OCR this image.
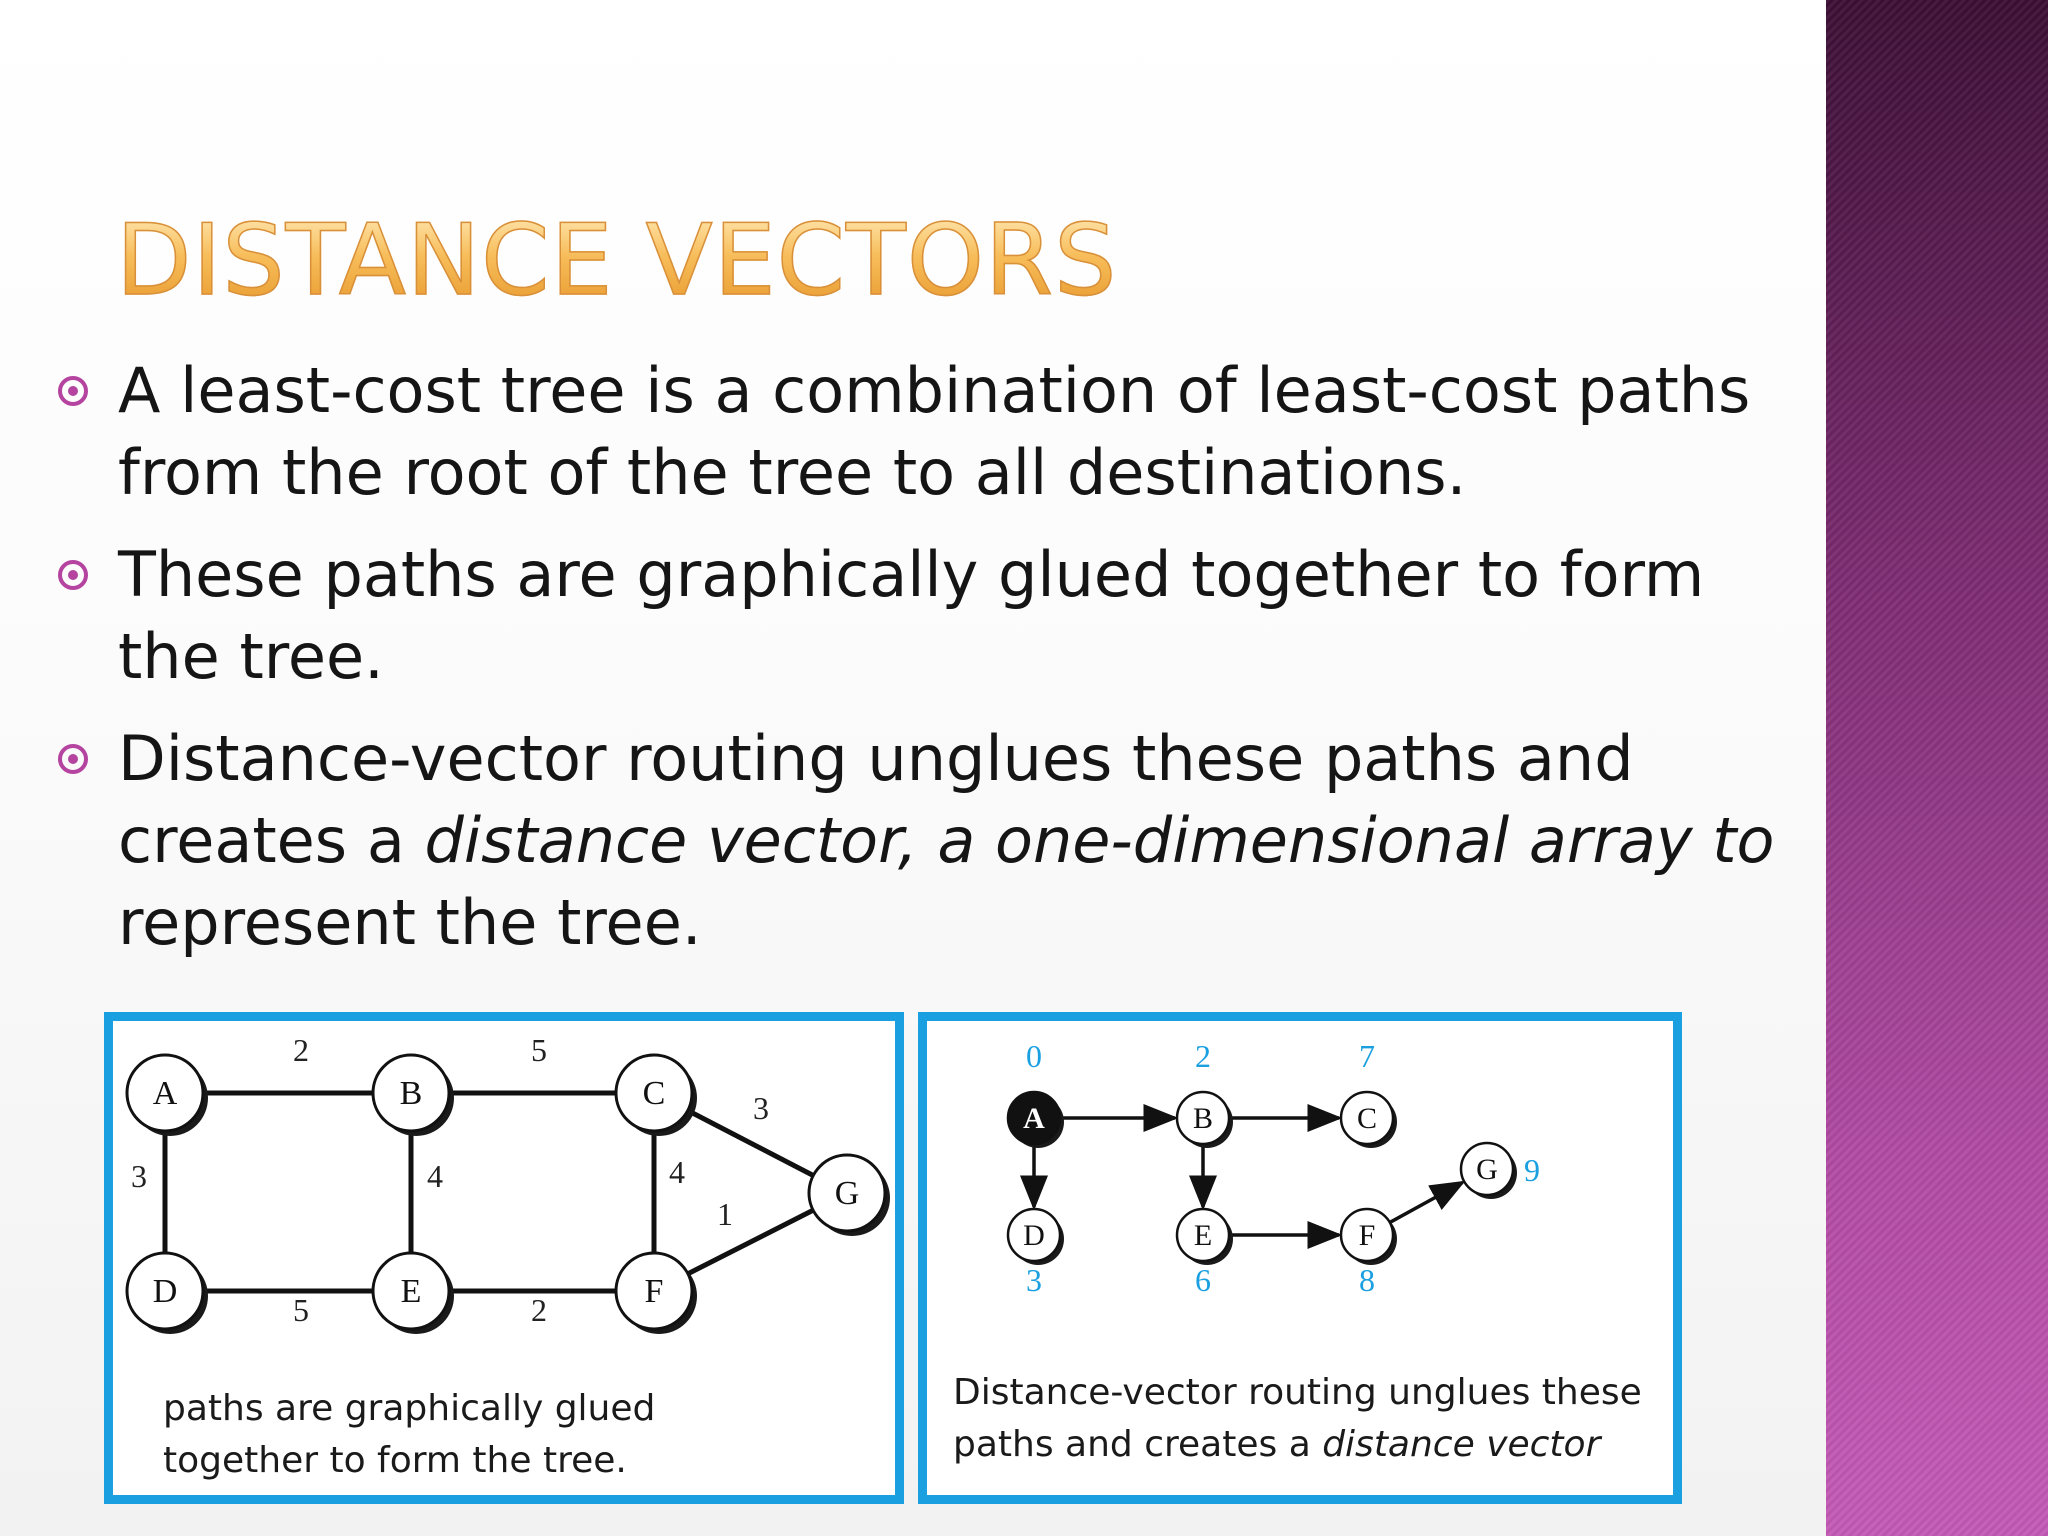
DISTANCE VECTORS
A least-cost tree is a combination of least-cost paths from the root of the tree to all destinations.
These paths are graphically glued together to form the tree.
Distance-vector routing unglues these paths and creates a distance vector, a one-dimensional array to represent the tree.
2	5
3	4	4
3
1
5	2
A	B	C
D	E	F
G
paths are graphically glued
together to form the tree.
A
0
B
2
C
7
D
3
E
6
F
8
G 9
Distance-vector routing unglues these
paths and creates a distance vector
